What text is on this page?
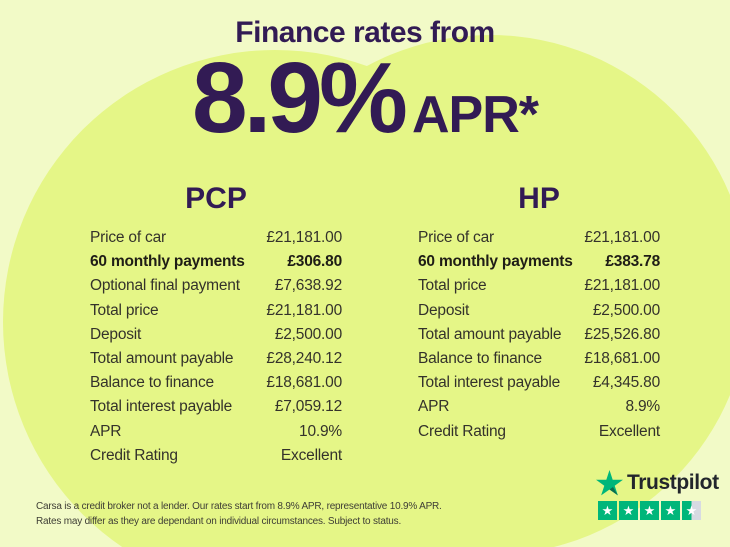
Finance rates from
8.9% APR*
PCP
Price of car	£21,181.00
60 monthly payments	£306.80
Optional final payment £7,638.92
Total price	£21,181.00
Deposit	£2,500.00
Total amount payable £28,240.12
Balance to finance	£18,681.00
Total interest payable	£7,059.12
APR	10.9%
Credit Rating	Excellent
HP
Price of car	£21,181.00
60 monthly payments £383.78
Total price	£21,181.00
Deposit	£2,500.00
Total amount payable £25,526.80
Balance to finance	£18,681.00
Total interest payable £4,345.80
APR	8.9%
Credit Rating	Excellent
Carsa is a credit broker not a lender. Our rates start from 8.9% APR, representative 10.9% APR.
Rates may differ as they are dependant on individual circumstances. Subject to status.
Trustpilot
★ ★ ★ ★ ★
